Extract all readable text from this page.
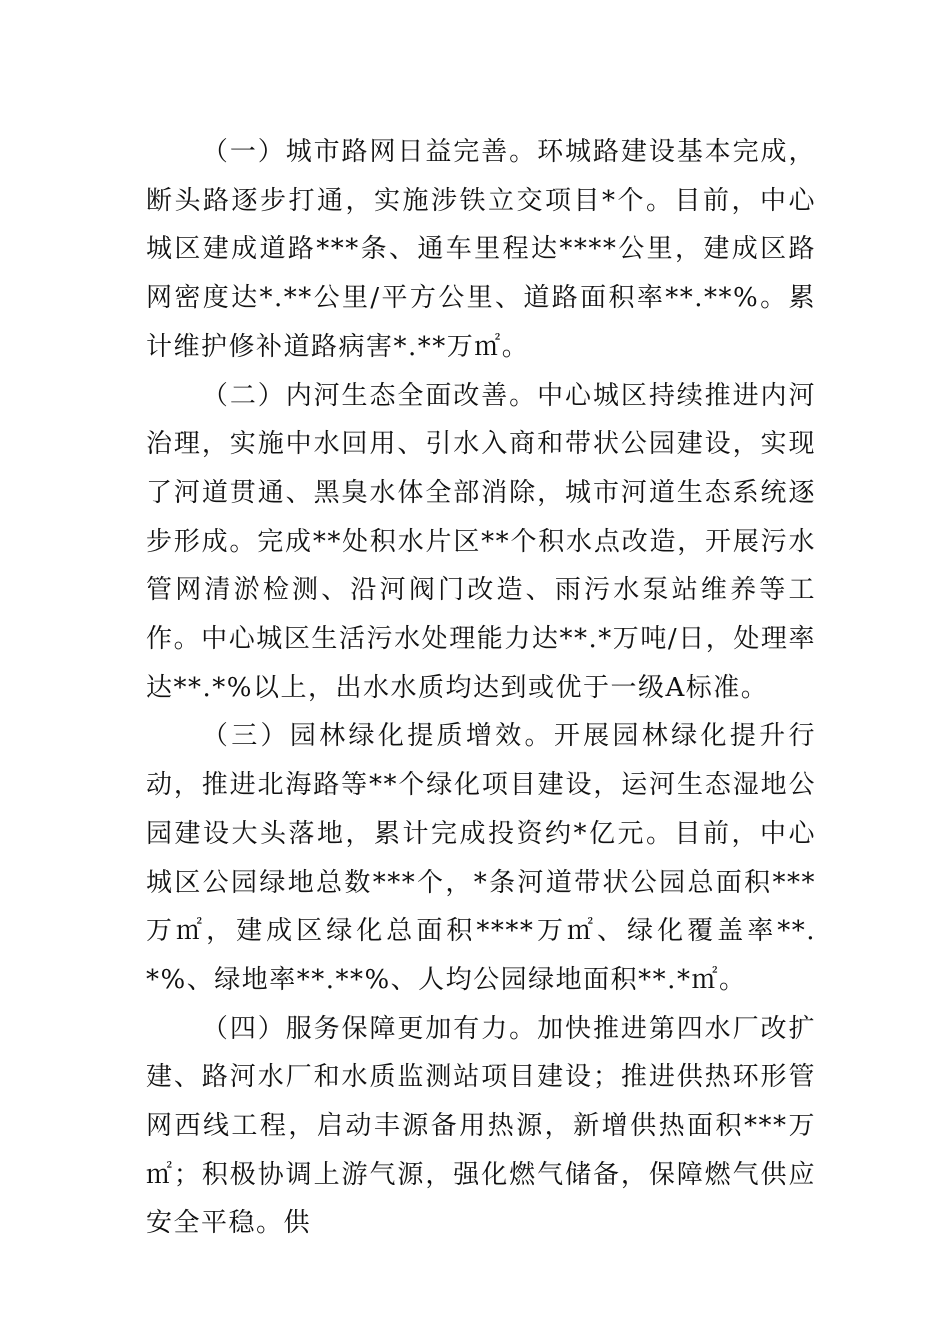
（一）城市路网日益完善。环城路建设基本完成，断头路逐步打通，实施涉铁立交项目*个。目前，中心城区建成道路***条、通车里程达****公里，建成区路网密度达*.**公里/平方公里、道路面积率**.**%。累计维护修补道路病害*.**万㎡。

（二）内河生态全面改善。中心城区持续推进内河治理，实施中水回用、引水入商和带状公园建设，实现了河道贯通、黑臭水体全部消除，城市河道生态系统逐步形成。完成**处积水片区**个积水点改造，开展污水管网清淤检测、沿河阀门改造、雨污水泵站维养等工作。中心城区生活污水处理能力达**.*万吨/日，处理率达**.*%以上，出水水质均达到或优于一级A标准。

（三）园林绿化提质增效。开展园林绿化提升行动，推进北海路等**个绿化项目建设，运河生态湿地公园建设大头落地，累计完成投资约*亿元。目前，中心城区公园绿地总数***个，*条河道带状公园总面积***万㎡，建成区绿化总面积****万㎡、绿化覆盖率**.*%、绿地率**.**%、人均公园绿地面积**.*㎡。

（四）服务保障更加有力。加快推进第四水厂改扩建、路河水厂和水质监测站项目建设；推进供热环形管网西线工程，启动丰源备用热源，新增供热面积***万㎡；积极协调上游气源，强化燃气储备，保障燃气供应安全平稳。供
